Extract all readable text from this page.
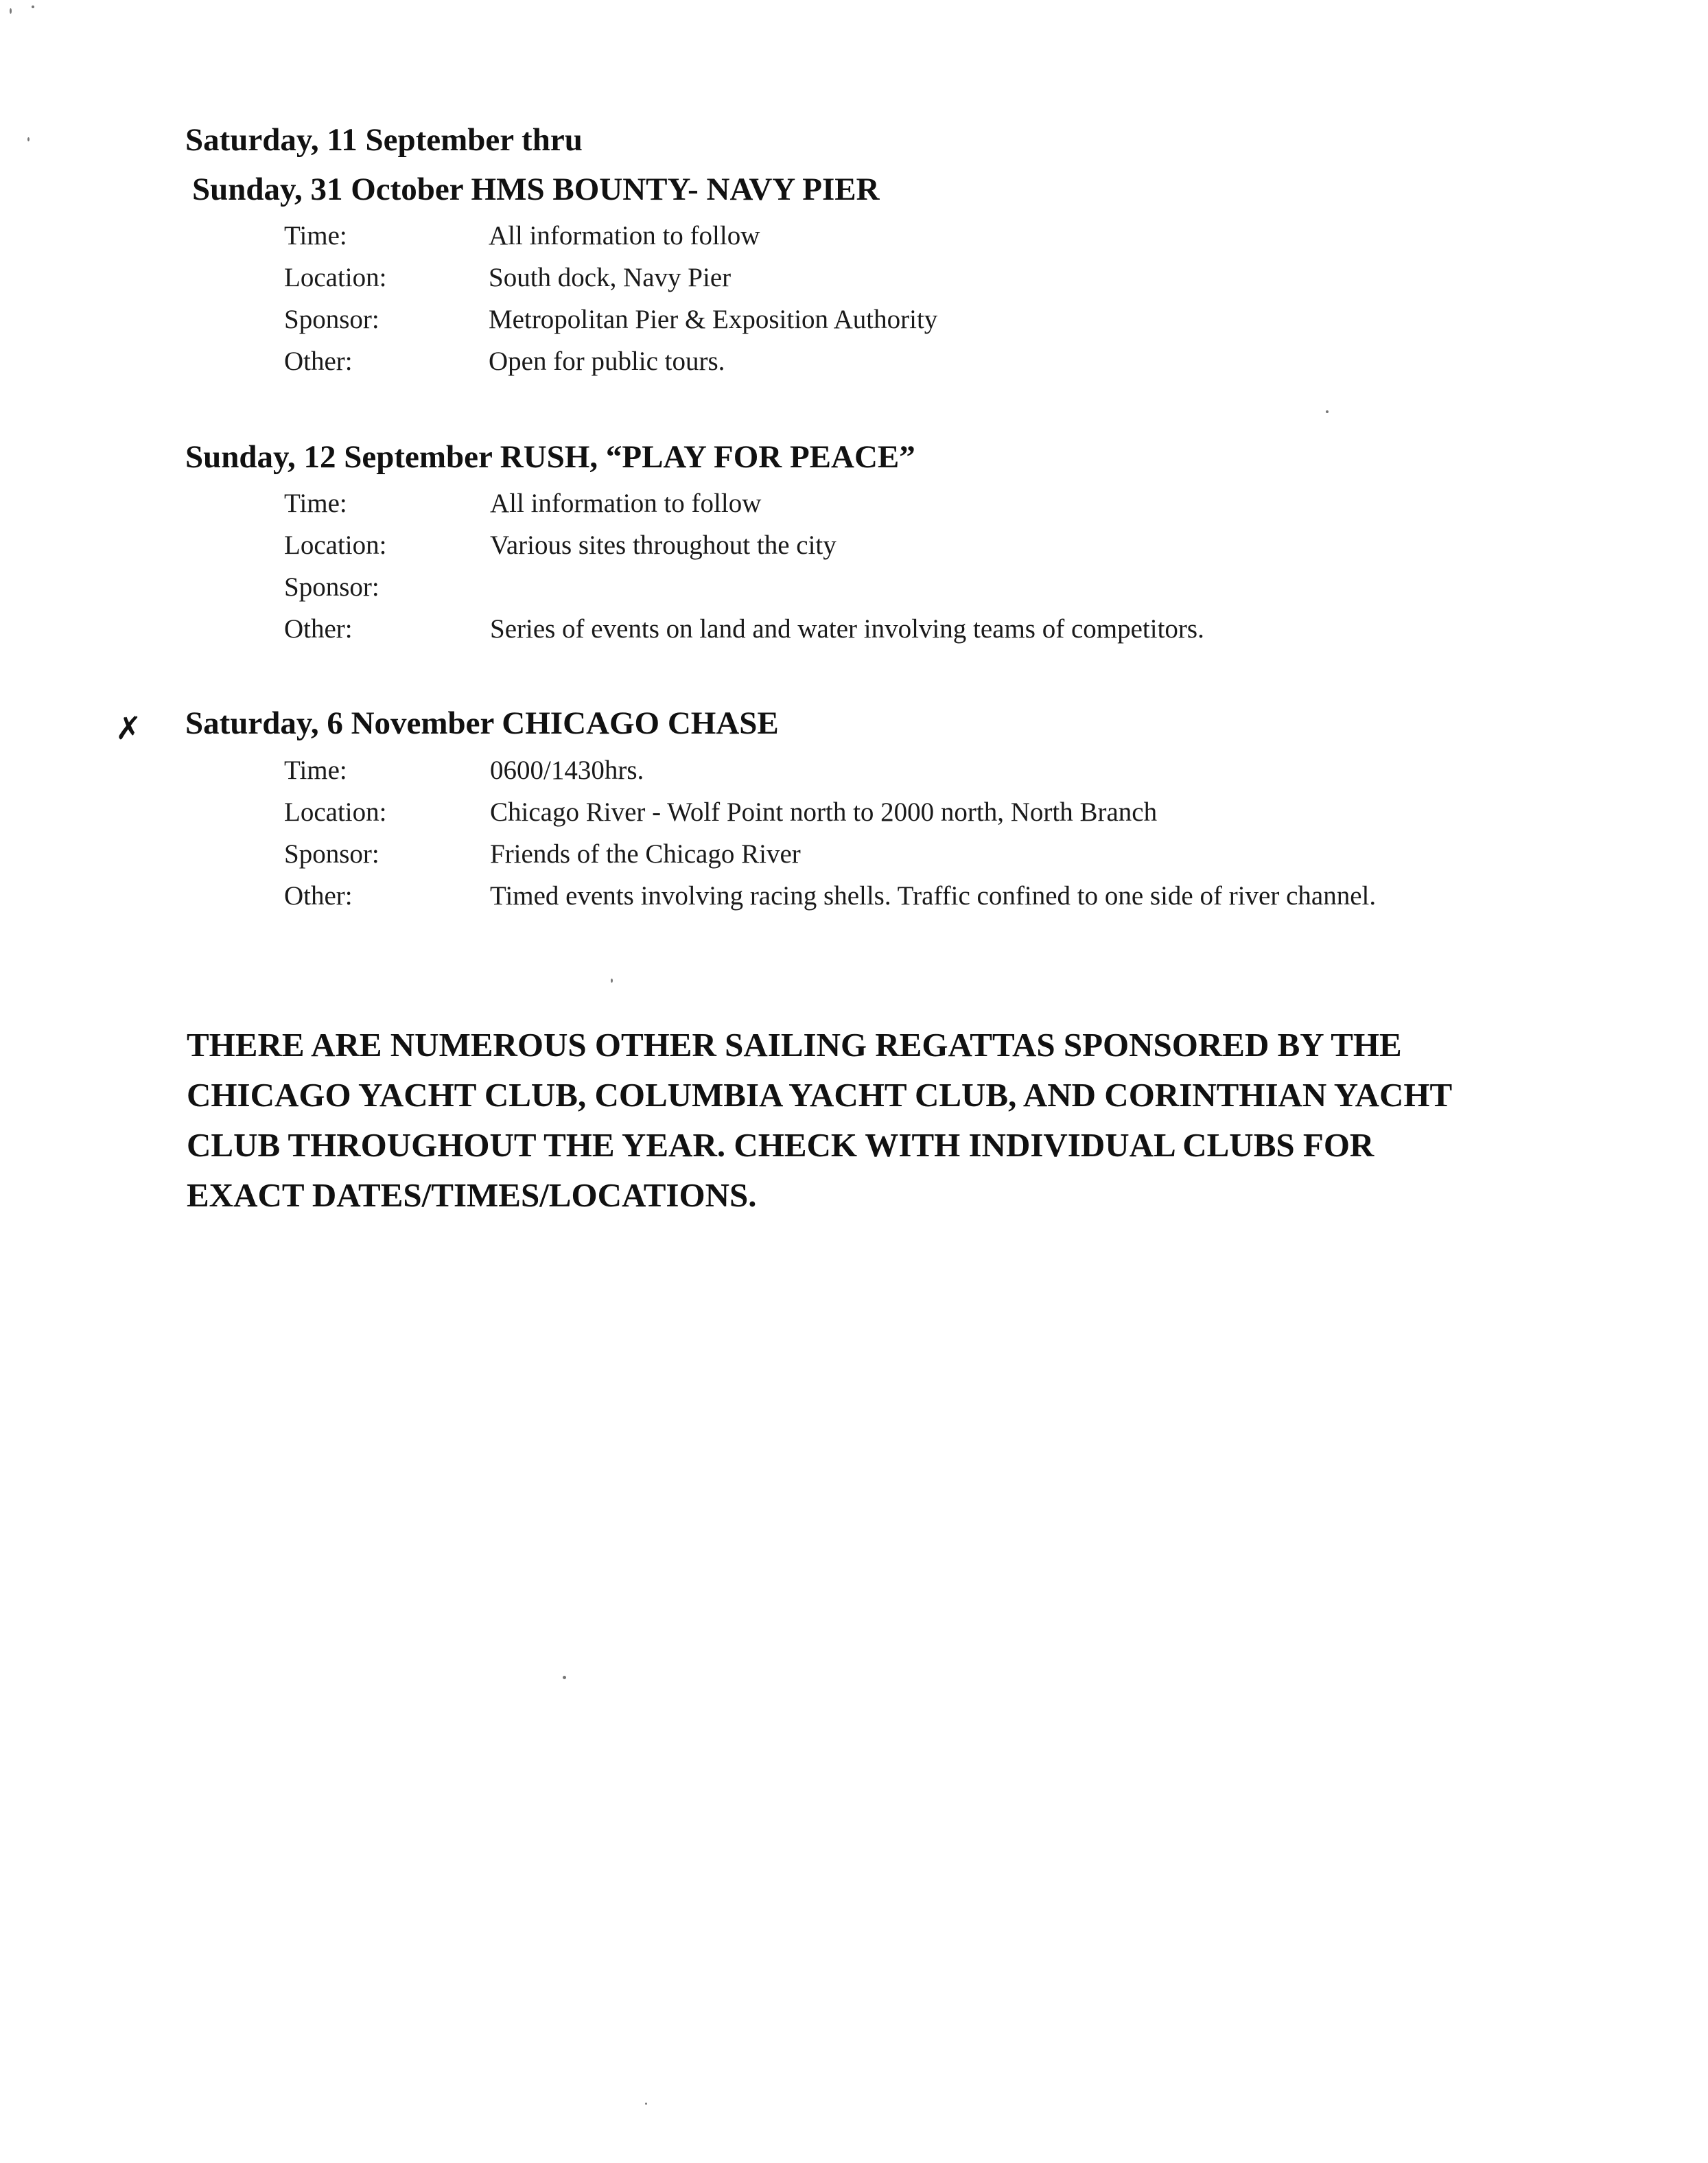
Saturday, 11 September thru
Sunday, 31 October HMS BOUNTY- NAVY PIER
Time:	All information to follow
Location:	South dock, Navy Pier
Sponsor:	Metropolitan Pier & Exposition Authority
Other:	Open for public tours.
Sunday, 12 September RUSH, “PLAY FOR PEACE”
Time:	All information to follow
Location:	Various sites throughout the city
Sponsor:
Other:	Series of events on land and water involving teams of competitors.
✗ Saturday, 6 November CHICAGO CHASE
Time:	0600/1430hrs.
Location:	Chicago River - Wolf Point north to 2000 north, North Branch
Sponsor:	Friends of the Chicago River
Other:	Timed events involving racing shells. Traffic confined to one side of river channel.
THERE ARE NUMEROUS OTHER SAILING REGATTAS SPONSORED BY THE
CHICAGO YACHT CLUB, COLUMBIA YACHT CLUB, AND CORINTHIAN YACHT
CLUB THROUGHOUT THE YEAR. CHECK WITH INDIVIDUAL CLUBS FOR
EXACT DATES/TIMES/LOCATIONS.
